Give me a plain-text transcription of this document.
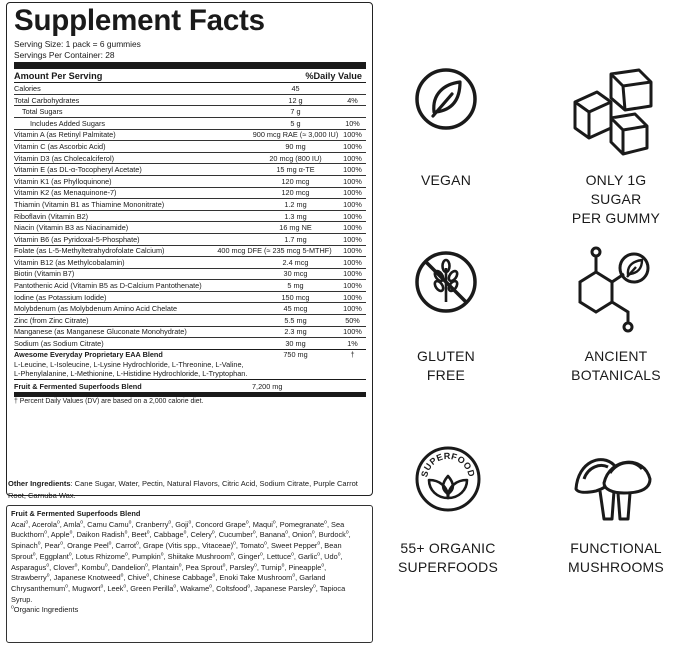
Supplement Facts
Serving Size: 1 pack = 6 gummies
Servings Per Container: 28
Amount Per Serving	%Daily Value
Calories	45
Total Carbohydrates	12 g	4%
Total Sugars	7 g
Includes Added Sugars	5 g	10%
Vitamin A (as Retinyl Palmitate)	900 mcg RAE (≈ 3,000 IU) 100%
Vitamin C (as Ascorbic Acid)	90 mg	100%
Vitamin D3 (as Cholecalciferol)	20 mcg (800 IU)	100%
Vitamin E (as DL-α-Tocopheryl Acetate)	15 mg α-TE	100%
Vitamin K1 (as Phylloquinone)	120 mcg	100%
Vitamin K2 (as Menaquinone-7)	120 mcg	100%
Thiamin (Vitamin B1 as Thiamine Mononitrate)	1.2 mg	100%
Riboflavin (Vitamin B2)	1.3 mg	100%
Niacin (Vitamin B3 as Niacinamide)	16 mg NE	100%
Vitamin B6 (as Pyridoxal-5-Phosphate)	1.7 mg	100%
Folate (as L-5-Methyltetrahydrofolate Calcium)	400 mcg DFE (≈ 235 mcg 5-MTHF)	100%
Vitamin B12 (as Methylcobalamin)	2.4 mcg	100%
Biotin (Vitamin B7)	30 mcg	100%
Pantothenic Acid (Vitamin B5 as D-Calcium Pantothenate)	5 mg	100%
Iodine (as Potassium Iodide)	150 mcg	100%
Molybdenum (as Molybdenum Amino Acid Chelate	45 mcg	100%
Zinc (from Zinc Citrate)	5.5 mg	50%
Manganese (as Manganese Gluconate Monohydrate)	2.3 mg	100%
Sodium (as Sodium Citrate)	30 mg	1%
Awesome Everyday Proprietary EAA Blend	750 mg	†
L-Leucine, L-Isoleucine, L-Lysine Hydrochloride, L-Threonine, L-Valine,
L-Phenylalanine, L-Methionine, L-Histidine Hydrochloride, L-Tryptophan.
Fruit & Fermented Superfoods Blend	7,200 mg
† Percent Daily Values (DV) are based on a 2,000 calorie diet.
Other Ingredients: Cane Sugar, Water, Pectin, Natural Flavors, Citric Acid, Sodium Citrate, Purple Carrot Root, Carnuba Wax.
Fruit & Fermented Superfoods Blend
Acai$^o$, Acerola$^o$, Amla$^o$, Camu Camu$^o$, Cranberry$^o$, Goji$^o$, Concord Grape$^o$, Maqui$^o$, Pomegranate$^o$, Sea Buckthorn$^o$, Apple$^o$, Daikon Radish$^o$, Beet$^o$, Cabbage$^o$, Celery$^o$, Cucumber$^o$, Banana$^o$, Onion$^o$, Burdock$^o$, Spinach$^o$, Pear$^o$, Orange Peel$^o$, Carrot$^o$, Grape (Vitis spp., Vitaceae)$^o$, Tomato$^o$, Sweet Pepper$^o$, Bean Sprout$^o$, Eggplant$^o$, Lotus Rhizome$^o$, Pumpkin$^o$, Shiitake Mushroom$^o$, Ginger$^o$, Lettuce$^o$, Garlic$^o$, Udo$^o$, Asparagus$^o$, Clover$^o$, Kombu$^o$, Dandelion$^o$, Plantain$^o$, Pea Sprout$^o$, Parsley$^o$, Turnip$^o$, Pineapple$^o$, Strawberry$^o$, Japanese Knotweed$^o$, Chive$^o$, Chinese Cabbage$^o$, Enoki Take Mushroom$^o$, Garland Chrysanthemum$^o$, Mugwort$^o$, Leek$^o$, Green Perilla$^o$, Wakame$^o$, Coltsfood$^o$, Japanese Parsley$^o$, Tapioca Syrup.
$^o$Organic Ingredients
VEGAN	ONLY 1G SUGAR
PER GUMMY
GLUTEN
FREE
ANCIENT
BOTANICALS
SUPERFOOD
55+ ORGANIC
SUPERFOODS
FUNCTIONAL
MUSHROOMS
